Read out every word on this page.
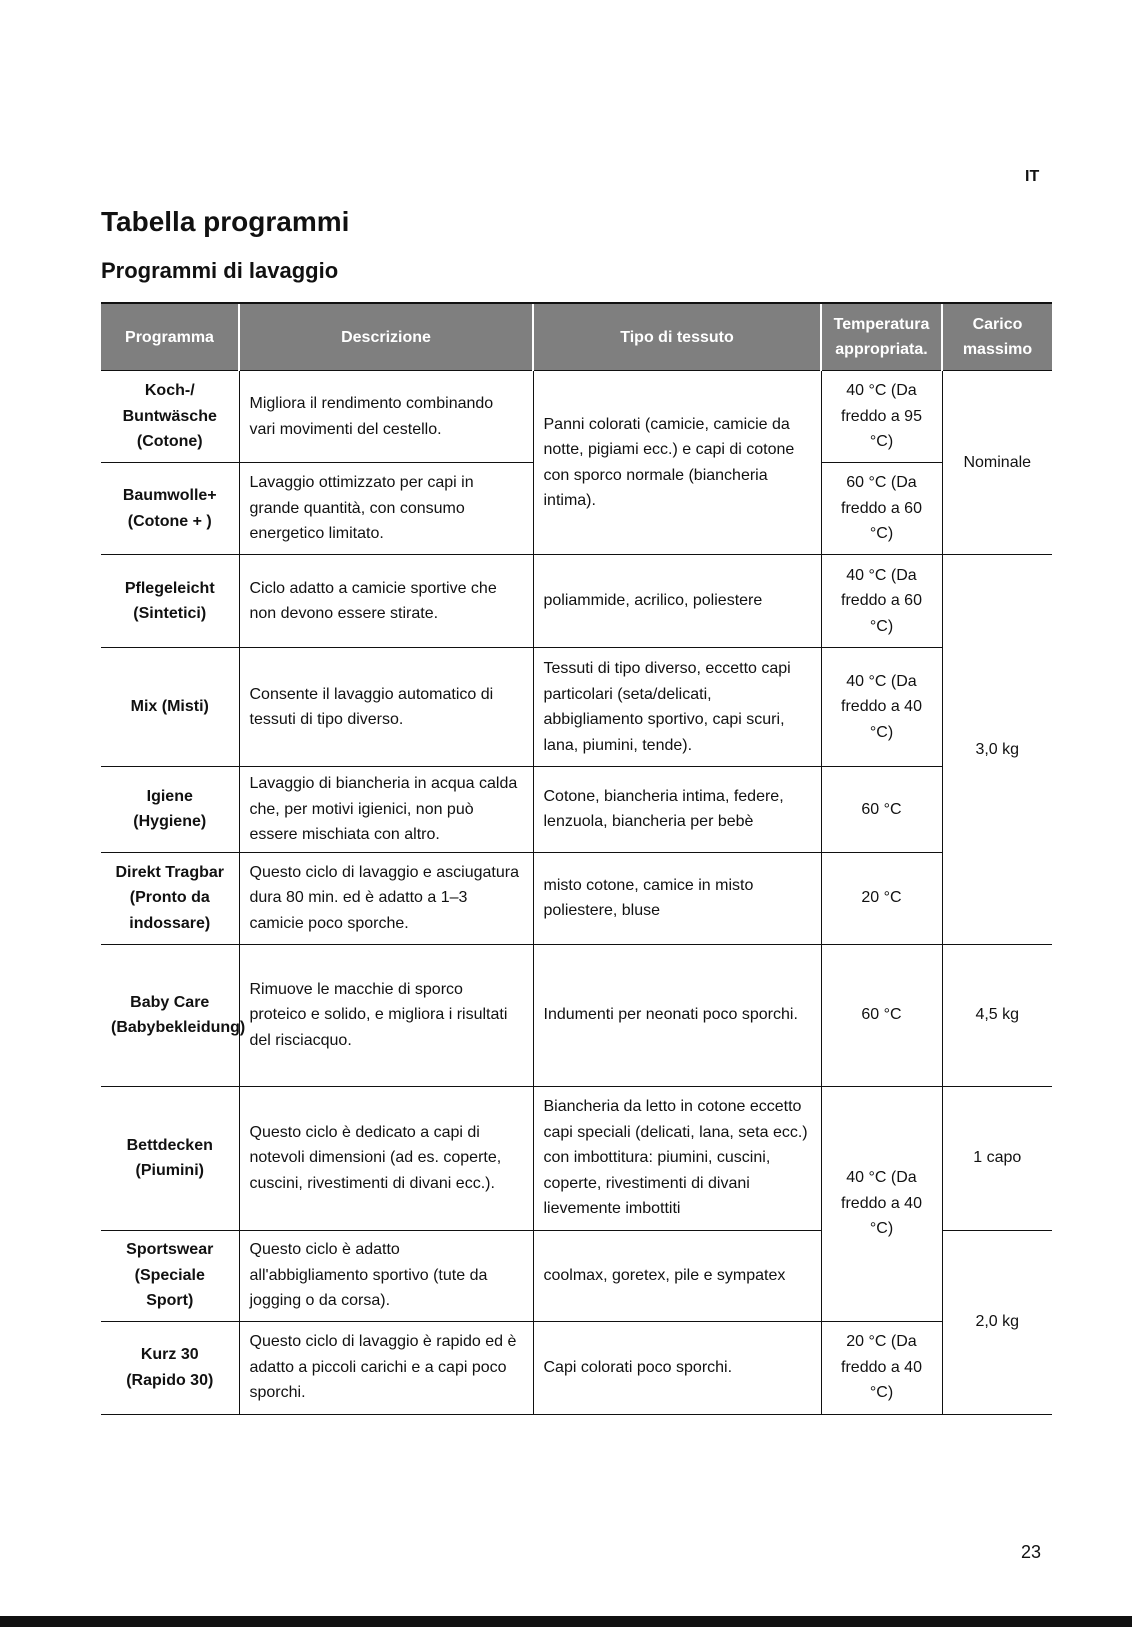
IT
Tabella programmi
Programmi di lavaggio
Programma	Descrizione	Tipo di tessuto	Temperatura appropriata.	Carico massimo
Koch-/ Buntwäsche (Cotone)	Migliora il rendimento combinando vari movimenti del cestello.	Panni colorati (camicie, camicie da notte, pigiami ecc.) e capi di cotone con sporco normale (biancheria intima).	40 °C (Da freddo a 95 °C)	Nominale
Baumwolle+ (Cotone + )	Lavaggio ottimizzato per capi in grande quantità, con consumo energetico limitato.		60 °C (Da freddo a 60 °C)	
Pflegeleicht (Sintetici)	Ciclo adatto a camicie sportive che non devono essere stirate.	poliammide, acrilico, poliestere	40 °C (Da freddo a 60 °C)	3,0 kg
Mix (Misti)	Consente il lavaggio automatico di tessuti di tipo diverso.	Tessuti di tipo diverso, eccetto capi particolari (seta/delicati, abbigliamento sportivo, capi scuri, lana, piumini, tende).	40 °C (Da freddo a 40 °C)	
Igiene (Hygiene)	Lavaggio di biancheria in acqua calda che, per motivi igienici, non può essere mischiata con altro.	Cotone, biancheria intima, federe, lenzuola, biancheria per bebè	60 °C	
Direkt Tragbar (Pronto da indossare)	Questo ciclo di lavaggio e asciugatura dura 80 min. ed è adatto a 1–3 camicie poco sporche.	misto cotone, camice in misto poliestere, bluse	20 °C	
Baby Care (Babybekleidung)	Rimuove le macchie di sporco proteico e solido, e migliora i risultati del risciacquo.	Indumenti per neonati poco sporchi.	60 °C	4,5 kg
Bettdecken (Piumini)	Questo ciclo è dedicato a capi di notevoli dimensioni (ad es. coperte, cuscini, rivestimenti di divani ecc.).	Biancheria da letto in cotone eccetto capi speciali (delicati, lana, seta ecc.) con imbottitura: piumini, cuscini, coperte, rivestimenti di divani lievemente imbottiti	40 °C (Da freddo a 40 °C)	1 capo
Sportswear (Speciale Sport)	Questo ciclo è adatto all'abbigliamento sportivo (tute da jogging o da corsa).	coolmax, goretex, pile e sympatex		2,0 kg
Kurz 30 (Rapido 30)	Questo ciclo di lavaggio è rapido ed è adatto a piccoli carichi e a capi poco sporchi.	Capi colorati poco sporchi.	20 °C (Da freddo a 40 °C)	
23
